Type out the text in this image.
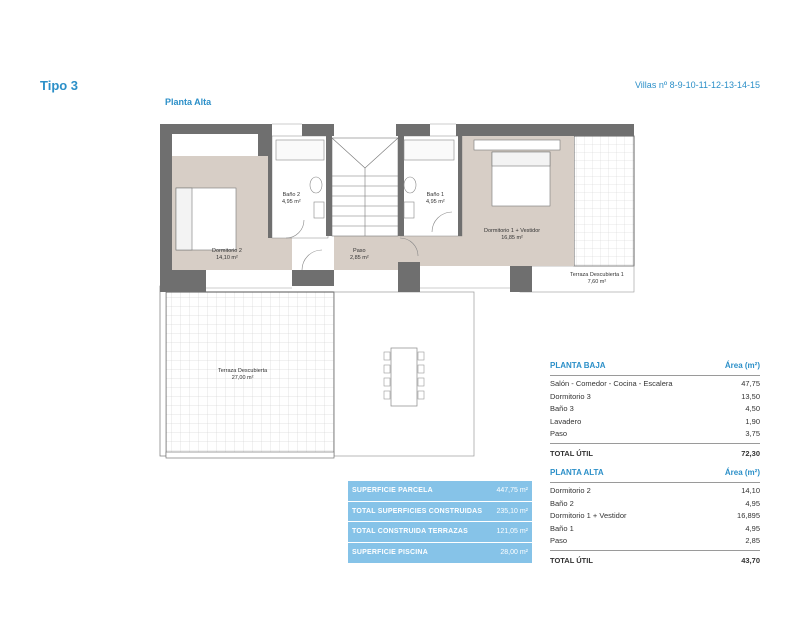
Tipo 3
Planta Alta
Villas nº 8-9-10-11-12-13-14-15
Dormitorio 2
14,10 m²
Baño 2
4,95 m²
Paso
2,85 m²
Baño 1
4,95 m²
Dormitorio 1 + Vestidor
16,85 m²
Terraza Descubierta 1
7,60 m²
Terraza Descubierta
27,00 m²
SUPERFICIE PARCELA	447,75 m²
TOTAL SUPERFICIES CONSTRUIDAS 235,10 m²
TOTAL CONSTRUIDA TERRAZAS	121,05 m²
SUPERFICIE PISCINA	28,00 m²
PLANTA BAJA	Área (m²)
Salón - Comedor - Cocina - Escalera	47,75
Dormitorio 3	13,50
Baño 3	4,50
Lavadero	1,90
Paso	3,75
TOTAL ÚTIL	72,30
PLANTA ALTA	Área (m²)
Dormitorio 2	14,10
Baño 2	4,95
Dormitorio 1 + Vestidor	16,895
Baño 1	4,95
Paso	2,85
TOTAL ÚTIL	43,70
